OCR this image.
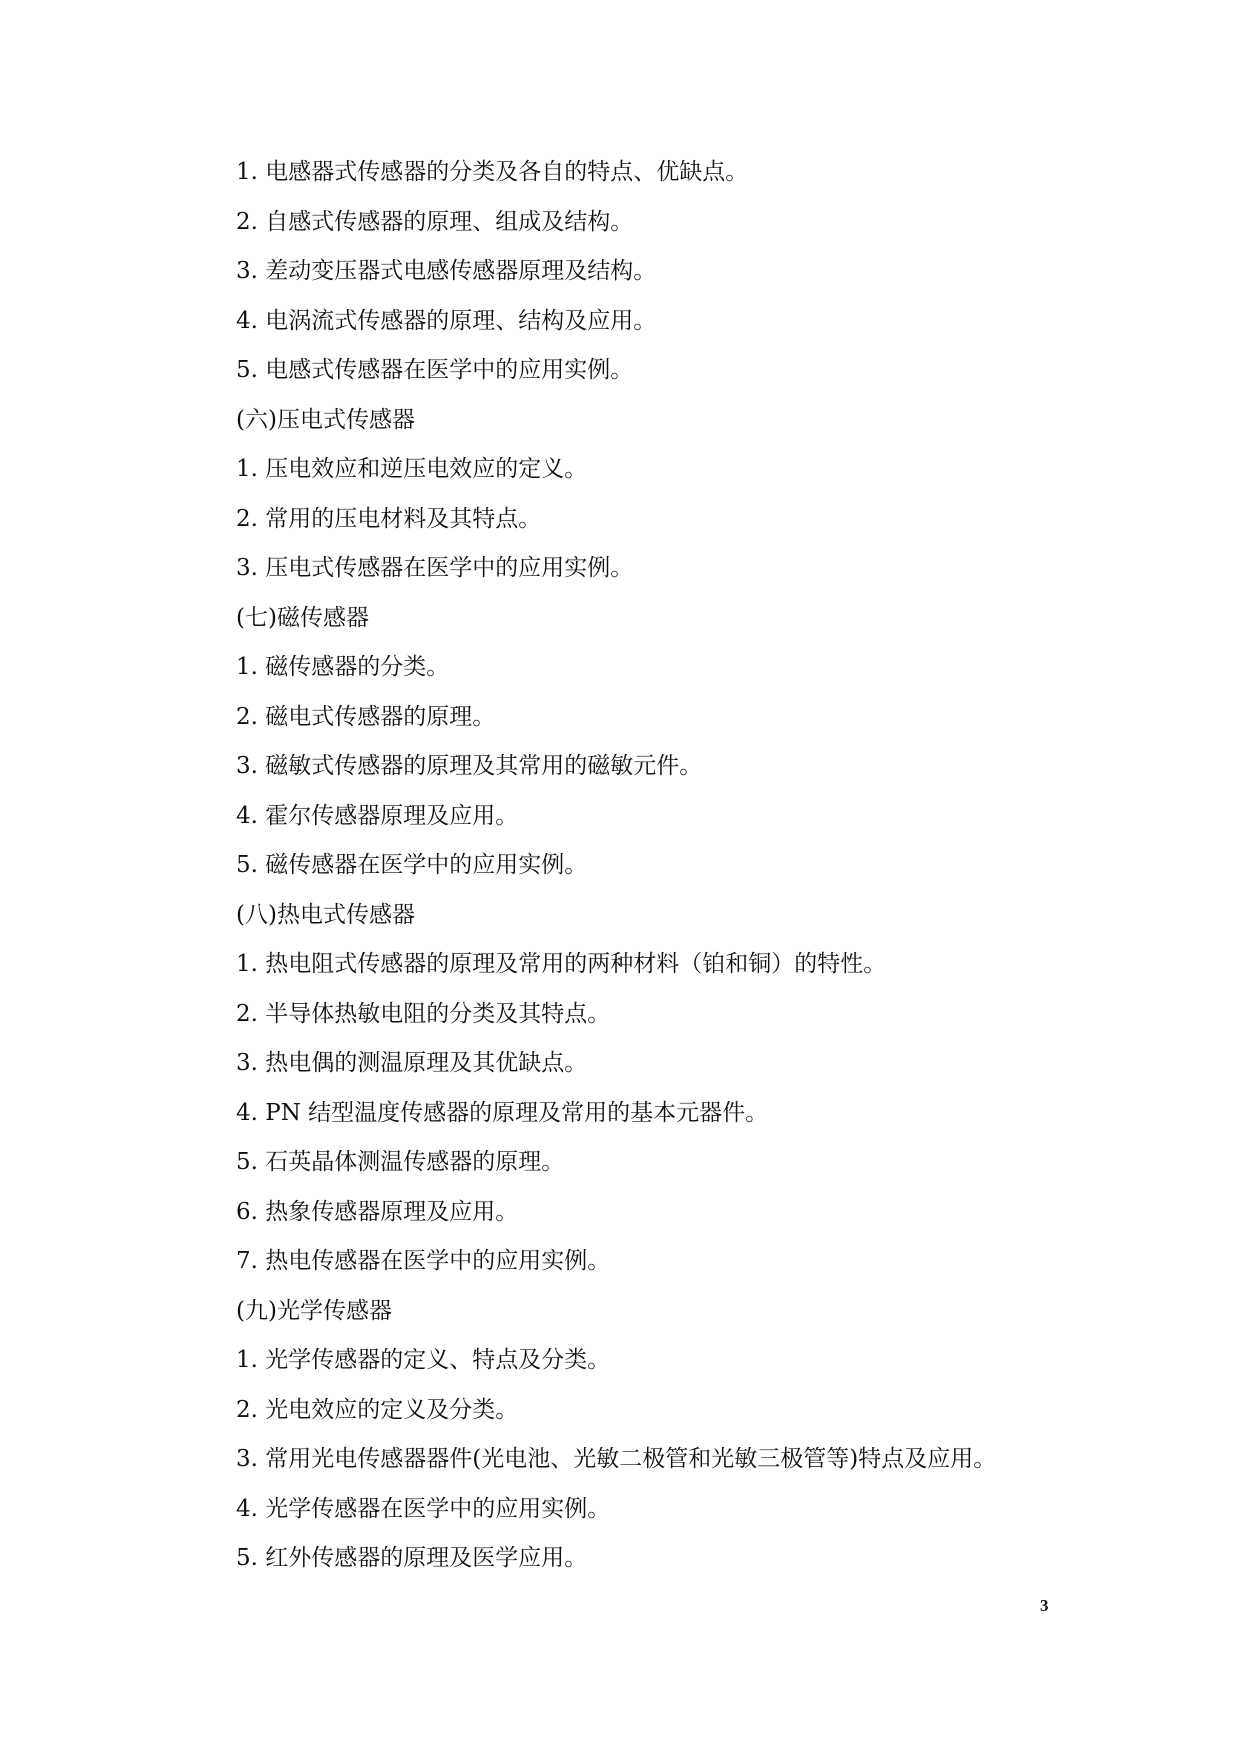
1. 电感器式传感器的分类及各自的特点、优缺点。
2. 自感式传感器的原理、组成及结构。
3. 差动变压器式电感传感器原理及结构。
4. 电涡流式传感器的原理、结构及应用。
5. 电感式传感器在医学中的应用实例。
(六)压电式传感器
1. 压电效应和逆压电效应的定义。
2. 常用的压电材料及其特点。
3. 压电式传感器在医学中的应用实例。
(七)磁传感器
1. 磁传感器的分类。
2. 磁电式传感器的原理。
3. 磁敏式传感器的原理及其常用的磁敏元件。
4. 霍尔传感器原理及应用。
5. 磁传感器在医学中的应用实例。
(八)热电式传感器
1. 热电阻式传感器的原理及常用的两种材料（铂和铜）的特性。
2. 半导体热敏电阻的分类及其特点。
3. 热电偶的测温原理及其优缺点。
4. PN 结型温度传感器的原理及常用的基本元器件。
5. 石英晶体测温传感器的原理。
6. 热象传感器原理及应用。
7. 热电传感器在医学中的应用实例。
(九)光学传感器
1. 光学传感器的定义、特点及分类。
2. 光电效应的定义及分类。
3. 常用光电传感器器件(光电池、光敏二极管和光敏三极管等)特点及应用。
4. 光学传感器在医学中的应用实例。
5. 红外传感器的原理及医学应用。
3
